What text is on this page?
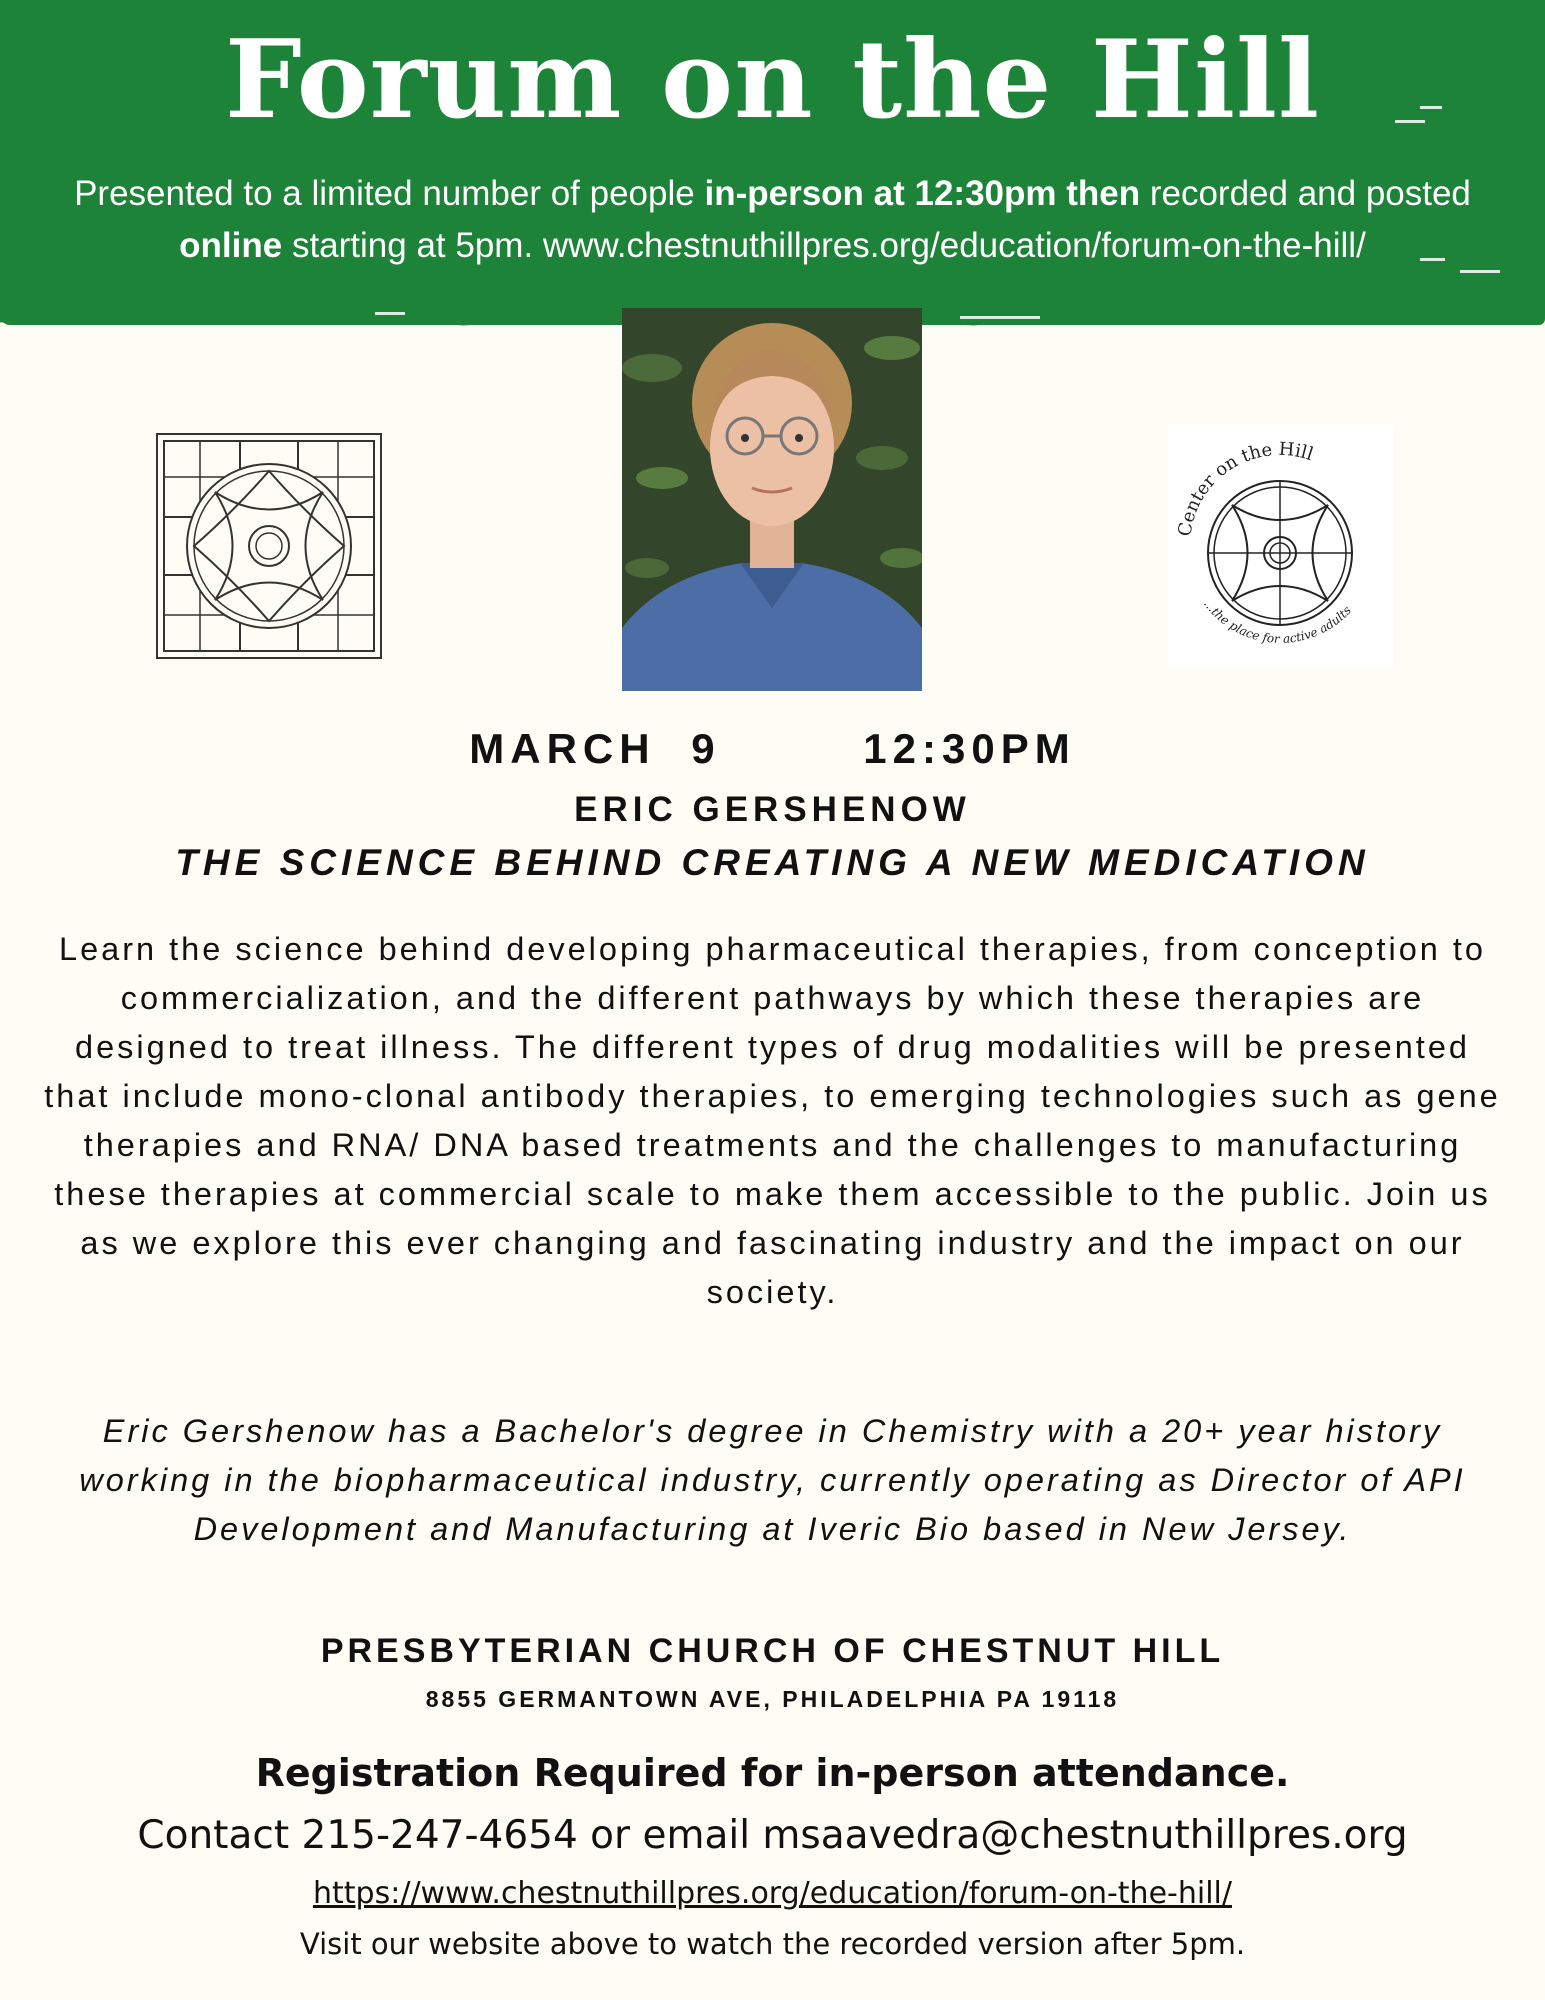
Forum on the Hill
Presented to a limited number of people in-person at 12:30pm then recorded and posted
online starting at 5pm. www.chestnuthillpres.org/education/forum-on-the-hill/
Center on the Hill
...the place for active adults
MARCH 9	12:30PM
ERIC GERSHENOW
THE SCIENCE BEHIND CREATING A NEW MEDICATION
Learn the science behind developing pharmaceutical therapies, from conception to commercialization, and the different pathways by which these therapies are designed to treat illness. The different types of drug modalities will be presented that include mono-clonal antibody therapies, to emerging technologies such as gene therapies and RNA/ DNA based treatments and the challenges to manufacturing these therapies at commercial scale to make them accessible to the public. Join us as we explore this ever changing and fascinating industry and the impact on our society.
Eric Gershenow has a Bachelor's degree in Chemistry with a 20+ year history working in the biopharmaceutical industry, currently operating as Director of API Development and Manufacturing at Iveric Bio based in New Jersey.
PRESBYTERIAN CHURCH OF CHESTNUT HILL
8855 GERMANTOWN AVE, PHILADELPHIA PA 19118
Registration Required for in-person attendance.
Contact 215-247-4654 or email msaavedra@chestnuthillpres.org
https://www.chestnuthillpres.org/education/forum-on-the-hill/
Visit our website above to watch the recorded version after 5pm.
